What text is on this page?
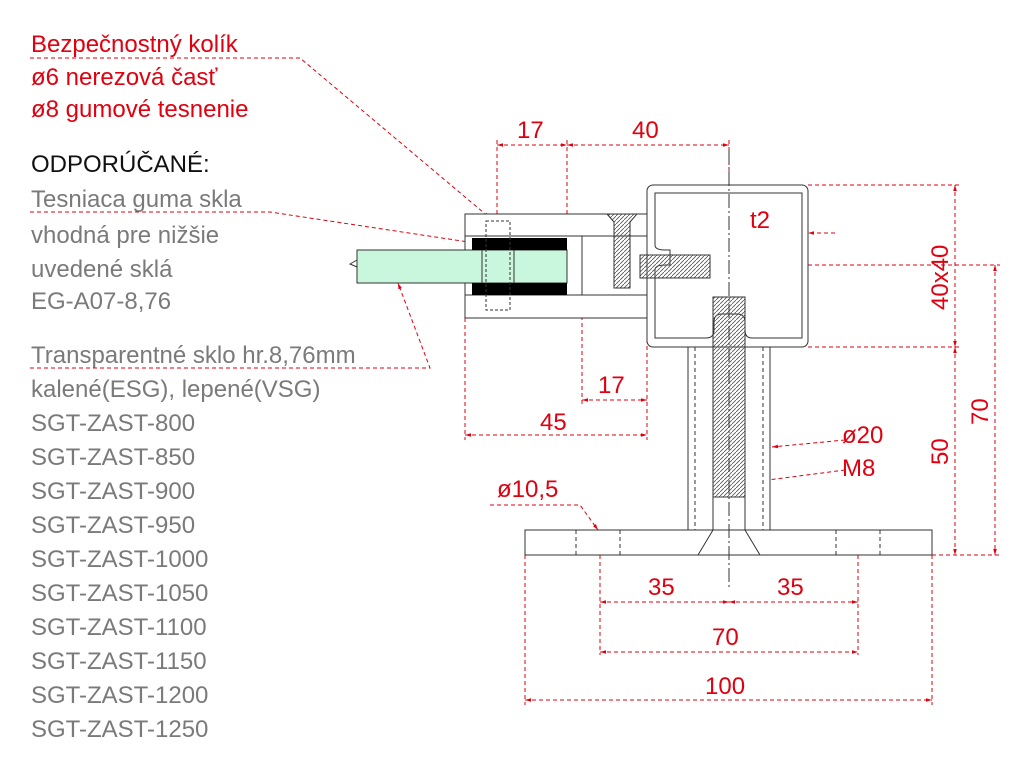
Bezpečnostný kolík
ø6 nerezová časť
ø8 gumové tesnenie
ODPORÚČANÉ:
Tesniaca guma skla
vhodná pre nižšie
uvedené sklá
EG-A07-8,76
Transparentné sklo hr.8,76mm
kalené(ESG), lepené(VSG)
SGT-ZAST-800
SGT-ZAST-850
SGT-ZAST-900
SGT-ZAST-950
SGT-ZAST-1000
SGT-ZAST-1050
SGT-ZAST-1100
SGT-ZAST-1150
SGT-ZAST-1200
SGT-ZAST-1250
17	40
t2
40x40
70
50
17
45	ø20
M8
ø10,5
35	35
70
100
